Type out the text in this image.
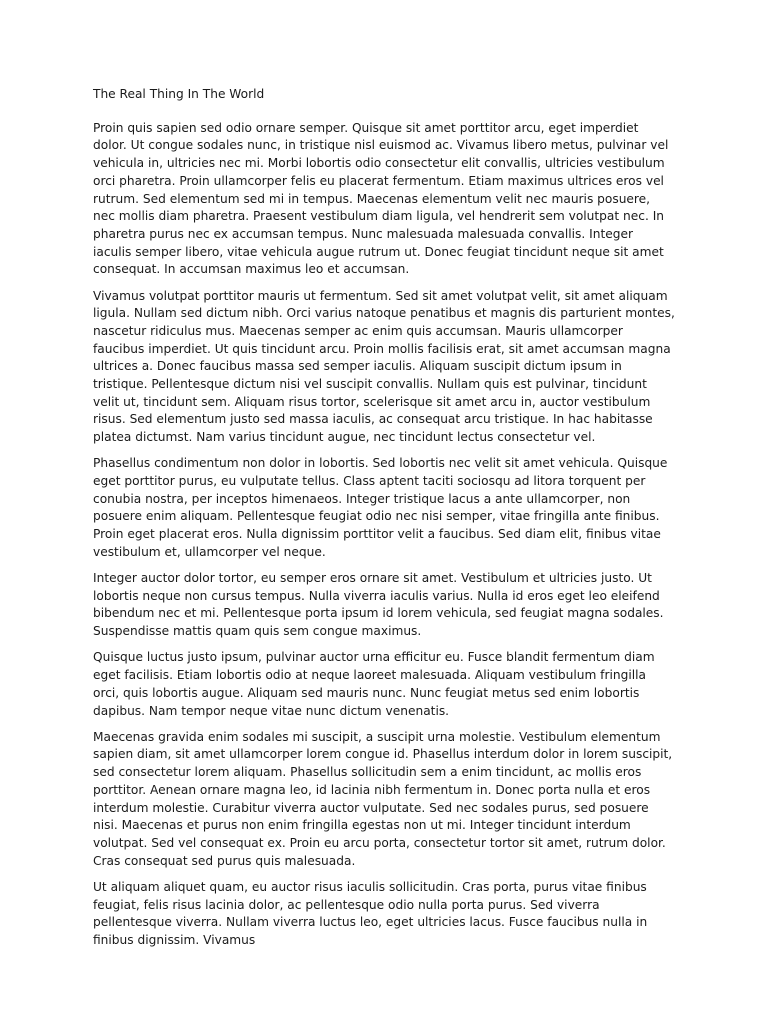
The Real Thing In The World

Proin quis sapien sed odio ornare semper. Quisque sit amet porttitor arcu, eget imperdiet dolor. Ut congue sodales nunc, in tristique nisl euismod ac. Vivamus libero metus, pulvinar vel vehicula in, ultricies nec mi. Morbi lobortis odio consectetur elit convallis, ultricies vestibulum orci pharetra. Proin ullamcorper felis eu placerat fermentum. Etiam maximus ultrices eros vel rutrum. Sed elementum sed mi in tempus. Maecenas elementum velit nec mauris posuere, nec mollis diam pharetra. Praesent vestibulum diam ligula, vel hendrerit sem volutpat nec. In pharetra purus nec ex accumsan tempus. Nunc malesuada malesuada convallis. Integer iaculis semper libero, vitae vehicula augue rutrum ut. Donec feugiat tincidunt neque sit amet consequat. In accumsan maximus leo et accumsan.

Vivamus volutpat porttitor mauris ut fermentum. Sed sit amet volutpat velit, sit amet aliquam ligula. Nullam sed dictum nibh. Orci varius natoque penatibus et magnis dis parturient montes, nascetur ridiculus mus. Maecenas semper ac enim quis accumsan. Mauris ullamcorper faucibus imperdiet. Ut quis tincidunt arcu. Proin mollis facilisis erat, sit amet accumsan magna ultrices a. Donec faucibus massa sed semper iaculis. Aliquam suscipit dictum ipsum in tristique. Pellentesque dictum nisi vel suscipit convallis. Nullam quis est pulvinar, tincidunt velit ut, tincidunt sem. Aliquam risus tortor, scelerisque sit amet arcu in, auctor vestibulum risus. Sed elementum justo sed massa iaculis, ac consequat arcu tristique. In hac habitasse platea dictumst. Nam varius tincidunt augue, nec tincidunt lectus consectetur vel.

Phasellus condimentum non dolor in lobortis. Sed lobortis nec velit sit amet vehicula. Quisque eget porttitor purus, eu vulputate tellus. Class aptent taciti sociosqu ad litora torquent per conubia nostra, per inceptos himenaeos. Integer tristique lacus a ante ullamcorper, non posuere enim aliquam. Pellentesque feugiat odio nec nisi semper, vitae fringilla ante finibus. Proin eget placerat eros. Nulla dignissim porttitor velit a faucibus. Sed diam elit, finibus vitae vestibulum et, ullamcorper vel neque.

Integer auctor dolor tortor, eu semper eros ornare sit amet. Vestibulum et ultricies justo. Ut lobortis neque non cursus tempus. Nulla viverra iaculis varius. Nulla id eros eget leo eleifend bibendum nec et mi. Pellentesque porta ipsum id lorem vehicula, sed feugiat magna sodales. Suspendisse mattis quam quis sem congue maximus.

Quisque luctus justo ipsum, pulvinar auctor urna efficitur eu. Fusce blandit fermentum diam eget facilisis. Etiam lobortis odio at neque laoreet malesuada. Aliquam vestibulum fringilla orci, quis lobortis augue. Aliquam sed mauris nunc. Nunc feugiat metus sed enim lobortis dapibus. Nam tempor neque vitae nunc dictum venenatis.

Maecenas gravida enim sodales mi suscipit, a suscipit urna molestie. Vestibulum elementum sapien diam, sit amet ullamcorper lorem congue id. Phasellus interdum dolor in lorem suscipit, sed consectetur lorem aliquam. Phasellus sollicitudin sem a enim tincidunt, ac mollis eros porttitor. Aenean ornare magna leo, id lacinia nibh fermentum in. Donec porta nulla et eros interdum molestie. Curabitur viverra auctor vulputate. Sed nec sodales purus, sed posuere nisi. Maecenas et purus non enim fringilla egestas non ut mi. Integer tincidunt interdum volutpat. Sed vel consequat ex. Proin eu arcu porta, consectetur tortor sit amet, rutrum dolor. Cras consequat sed purus quis malesuada.

Ut aliquam aliquet quam, eu auctor risus iaculis sollicitudin. Cras porta, purus vitae finibus feugiat, felis risus lacinia dolor, ac pellentesque odio nulla porta purus. Sed viverra pellentesque viverra. Nullam viverra luctus leo, eget ultricies lacus. Fusce faucibus nulla in finibus dignissim. Vivamus
